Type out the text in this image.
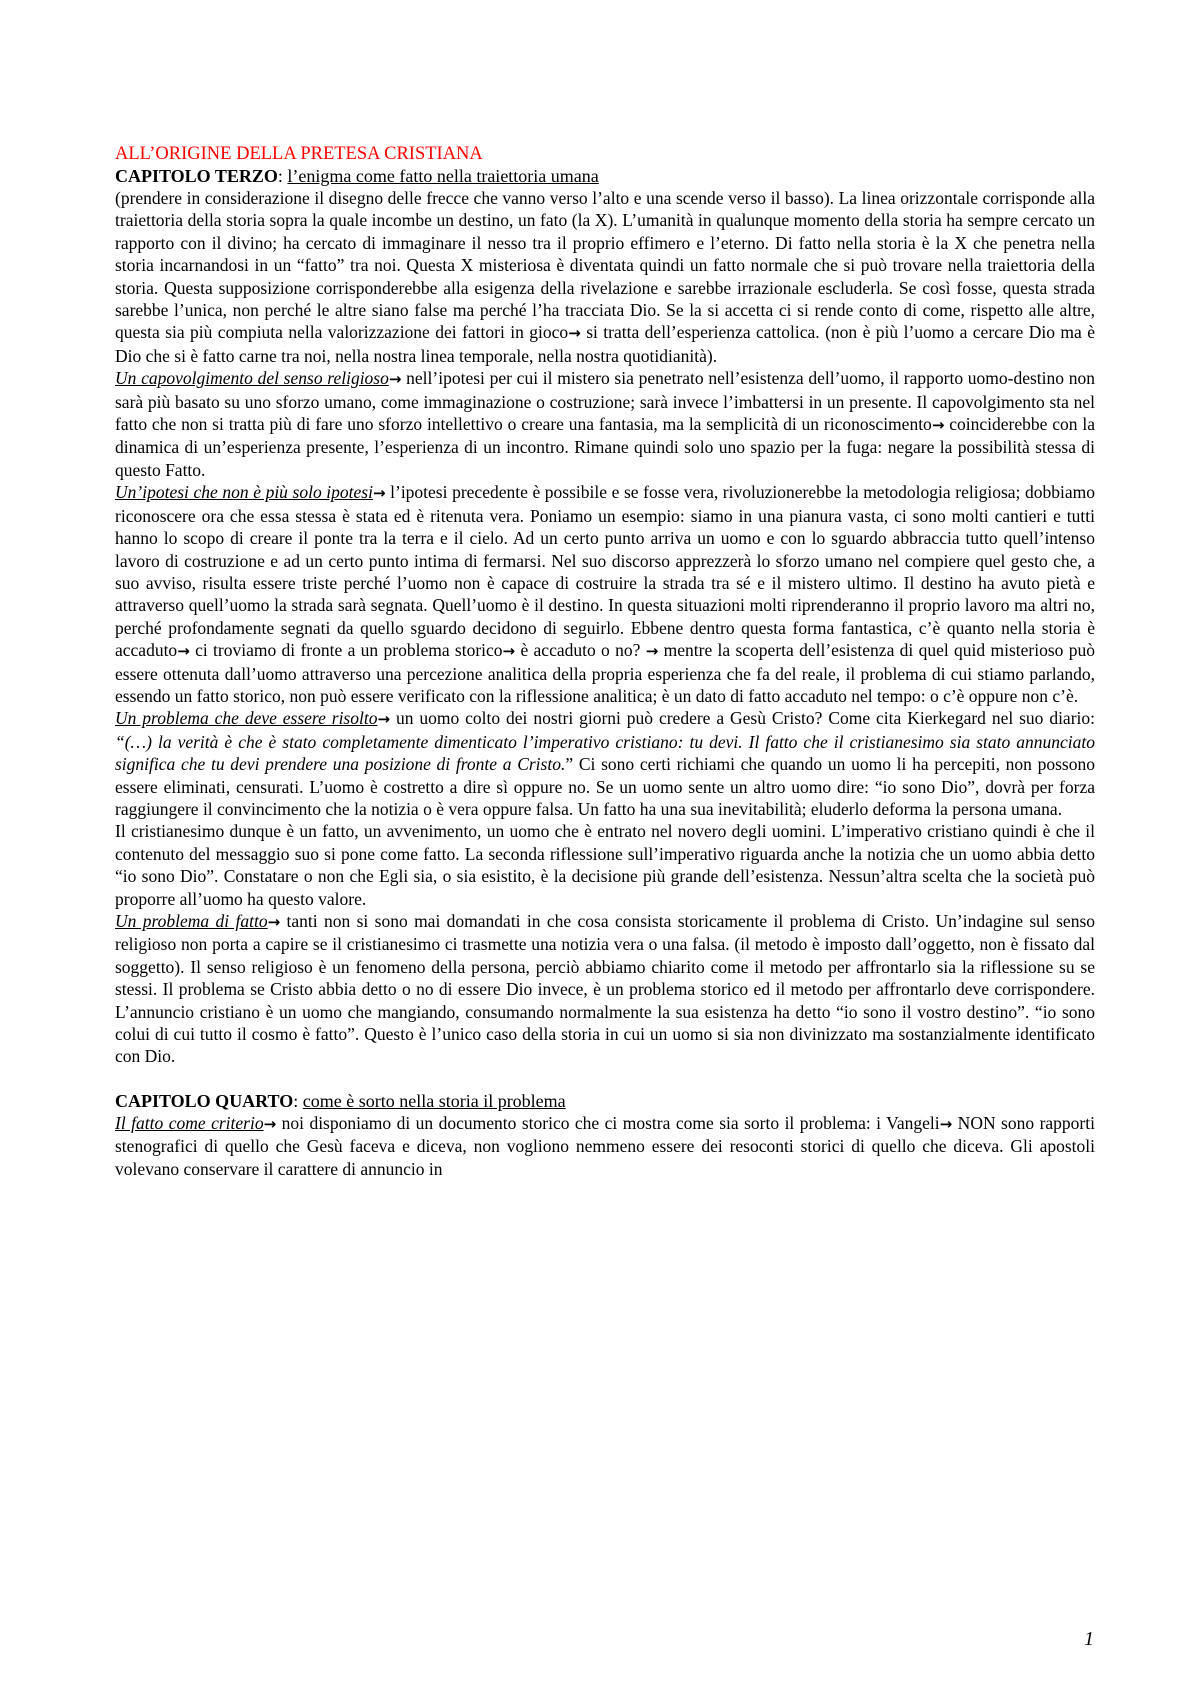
ALL’ORIGINE DELLA PRETESA CRISTIANA
CAPITOLO TERZO: l’enigma come fatto nella traiettoria umana

(prendere in considerazione il disegno delle frecce che vanno verso l’alto e una scende verso il basso). La linea orizzontale corrisponde alla traiettoria della storia sopra la quale incombe un destino, un fato (la X). L’umanità in qualunque momento della storia ha sempre cercato un rapporto con il divino; ha cercato di immaginare il nesso tra il proprio effimero e l’eterno. Di fatto nella storia è la X che penetra nella storia incarnandosi in un “fatto” tra noi. Questa X misteriosa è diventata quindi un fatto normale che si può trovare nella traiettoria della storia. Questa supposizione corrisponderebbe alla esigenza della rivelazione e sarebbe irrazionale escluderla. Se così fosse, questa strada sarebbe l’unica, non perché le altre siano false ma perché l’ha tracciata Dio. Se la si accetta ci si rende conto di come, rispetto alle altre, questa sia più compiuta nella valorizzazione dei fattori in gioco→ si tratta dell’esperienza cattolica. (non è più l’uomo a cercare Dio ma è Dio che si è fatto carne tra noi, nella nostra linea temporale, nella nostra quotidianità).

Un capovolgimento del senso religioso→ nell’ipotesi per cui il mistero sia penetrato nell’esistenza dell’uomo, il rapporto uomo-destino non sarà più basato su uno sforzo umano, come immaginazione o costruzione; sarà invece l’imbattersi in un presente. Il capovolgimento sta nel fatto che non si tratta più di fare uno sforzo intellettivo o creare una fantasia, ma la semplicità di un riconoscimento→ coinciderebbe con la dinamica di un’esperienza presente, l’esperienza di un incontro. Rimane quindi solo uno spazio per la fuga: negare la possibilità stessa di questo Fatto.

Un’ipotesi che non è più solo ipotesi→ l’ipotesi precedente è possibile e se fosse vera, rivoluzionerebbe la metodologia religiosa; dobbiamo riconoscere ora che essa stessa è stata ed è ritenuta vera. Poniamo un esempio: siamo in una pianura vasta, ci sono molti cantieri e tutti hanno lo scopo di creare il ponte tra la terra e il cielo. Ad un certo punto arriva un uomo e con lo sguardo abbraccia tutto quell’intenso lavoro di costruzione e ad un certo punto intima di fermarsi. Nel suo discorso apprezzerà lo sforzo umano nel compiere quel gesto che, a suo avviso, risulta essere triste perché l’uomo non è capace di costruire la strada tra sé e il mistero ultimo. Il destino ha avuto pietà e attraverso quell’uomo la strada sarà segnata. Quell’uomo è il destino. In questa situazioni molti riprenderanno il proprio lavoro ma altri no, perché profondamente segnati da quello sguardo decidono di seguirlo. Ebbene dentro questa forma fantastica, c’è quanto nella storia è accaduto→ ci troviamo di fronte a un problema storico→ è accaduto o no? → mentre la scoperta dell’esistenza di quel quid misterioso può essere ottenuta dall’uomo attraverso una percezione analitica della propria esperienza che fa del reale, il problema di cui stiamo parlando, essendo un fatto storico, non può essere verificato con la riflessione analitica; è un dato di fatto accaduto nel tempo: o c’è oppure non c’è.

Un problema che deve essere risolto→ un uomo colto dei nostri giorni può credere a Gesù Cristo? Come cita Kierkegard nel suo diario: “(…) la verità è che è stato completamente dimenticato l’imperativo cristiano: tu devi. Il fatto che il cristianesimo sia stato annunciato significa che tu devi prendere una posizione di fronte a Cristo.” Ci sono certi richiami che quando un uomo li ha percepiti, non possono essere eliminati, censurati. L’uomo è costretto a dire sì oppure no. Se un uomo sente un altro uomo dire: “io sono Dio”, dovrà per forza raggiungere il convincimento che la notizia o è vera oppure falsa. Un fatto ha una sua inevitabilità; eluderlo deforma la persona umana.

Il cristianesimo dunque è un fatto, un avvenimento, un uomo che è entrato nel novero degli uomini. L’imperativo cristiano quindi è che il contenuto del messaggio suo si pone come fatto. La seconda riflessione sull’imperativo riguarda anche la notizia che un uomo abbia detto “io sono Dio”. Constatare o non che Egli sia, o sia esistito, è la decisione più grande dell’esistenza. Nessun’altra scelta che la società può proporre all’uomo ha questo valore.

Un problema di fatto→ tanti non si sono mai domandati in che cosa consista storicamente il problema di Cristo. Un’indagine sul senso religioso non porta a capire se il cristianesimo ci trasmette una notizia vera o una falsa. (il metodo è imposto dall’oggetto, non è fissato dal soggetto). Il senso religioso è un fenomeno della persona, perciò abbiamo chiarito come il metodo per affrontarlo sia la riflessione su se stessi. Il problema se Cristo abbia detto o no di essere Dio invece, è un problema storico ed il metodo per affrontarlo deve corrispondere. L’annuncio cristiano è un uomo che mangiando, consumando normalmente la sua esistenza ha detto “io sono il vostro destino”. “io sono colui di cui tutto il cosmo è fatto”. Questo è l’unico caso della storia in cui un uomo si sia non divinizzato ma sostanzialmente identificato con Dio.

CAPITOLO QUARTO: come è sorto nella storia il problema

Il fatto come criterio→ noi disponiamo di un documento storico che ci mostra come sia sorto il problema: i Vangeli→ NON sono rapporti stenografici di quello che Gesù faceva e diceva, non vogliono nemmeno essere dei resoconti storici di quello che diceva. Gli apostoli volevano conservare il carattere di annuncio in

1
